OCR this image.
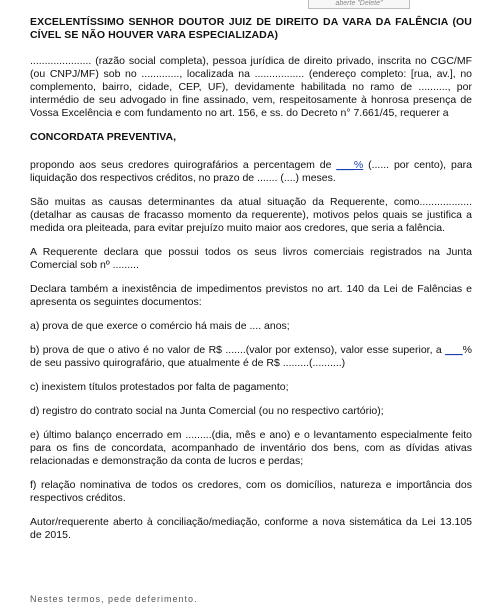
aberte "Delete"

EXCELENTÍSSIMO SENHOR DOUTOR JUIZ DE DIREITO DA VARA DA FALÊNCIA (OU CÍVEL SE NÃO HOUVER VARA ESPECIALIZADA)

..................... (razão social completa), pessoa jurídica de direito privado, inscrita no CGC/MF (ou CNPJ/MF) sob no ............., localizada na ................. (endereço completo: [rua, av.], no complemento, bairro, cidade, CEP, UF), devidamente habilitada no ramo de .........., por intermédio de seu advogado in fine assinado, vem, respeitosamente à honrosa presença de Vossa Excelência e com fundamento no art. 156, e ss. do Decreto n° 7.661/45, requerer a

CONCORDATA PREVENTIVA,

propondo aos seus credores quirografários a percentagem de ___% (...... por cento), para liquidação dos respectivos créditos, no prazo de ....... (....) meses.

São muitas as causas determinantes da atual situação da Requerente, como.................. (detalhar as causas de fracasso momento da requerente), motivos pelos quais se justifica a medida ora pleiteada, para evitar prejuízo muito maior aos credores, que seria a falência.

A Requerente declara que possui todos os seus livros comerciais registrados na Junta Comercial sob nº .........

Declara também a inexistência de impedimentos previstos no art. 140 da Lei de Falências e apresenta os seguintes documentos:

a) prova de que exerce o comércio há mais de .... anos;

b) prova de que o ativo é no valor de R$ .......(valor por extenso), valor esse superior, a ___% de seu passivo quirografário, que atualmente é de R$ .........(..........)

c) inexistem títulos protestados por falta de pagamento;

d) registro do contrato social na Junta Comercial (ou no respectivo cartório);

e) último balanço encerrado em .........(dia, mês e ano) e o levantamento especialmente feito para os fins de concordata, acompanhado de inventário dos bens, com as dívidas ativas relacionadas e demonstração da conta de lucros e perdas;

f) relação nominativa de todos os credores, com os domicílios, natureza e importância dos respectivos créditos.

Autor/requerente aberto à conciliação/mediação, conforme a nova sistemática da Lei 13.105 de 2015.

Nestes termos, pede deferimento.
